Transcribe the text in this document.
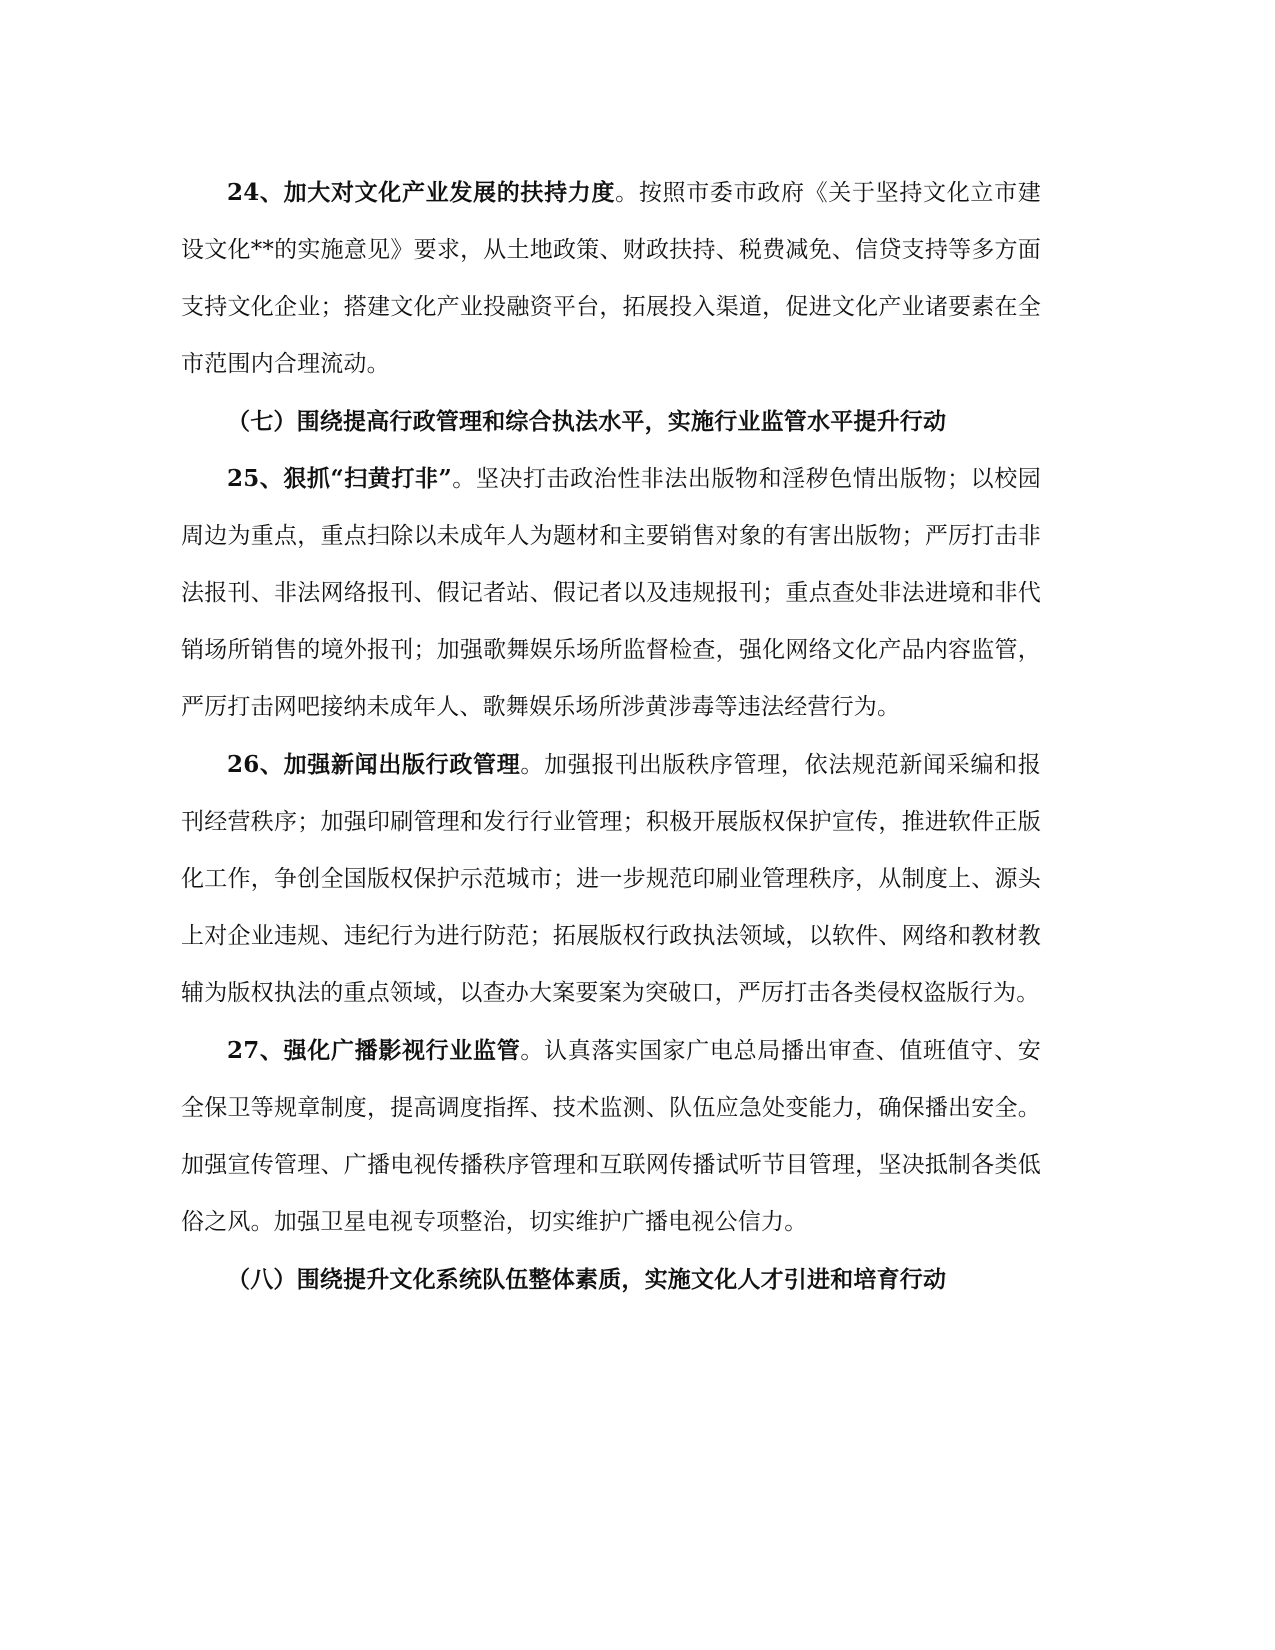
24、加大对文化产业发展的扶持力度。按照市委市政府《关于坚持文化立市建设文化**的实施意见》要求，从土地政策、财政扶持、税费减免、信贷支持等多方面支持文化企业；搭建文化产业投融资平台，拓展投入渠道，促进文化产业诸要素在全市范围内合理流动。

（七）围绕提高行政管理和综合执法水平，实施行业监管水平提升行动

25、狠抓“扫黄打非”。坚决打击政治性非法出版物和淫秽色情出版物；以校园周边为重点，重点扫除以未成年人为题材和主要销售对象的有害出版物；严厉打击非法报刊、非法网络报刊、假记者站、假记者以及违规报刊；重点查处非法进境和非代销场所销售的境外报刊；加强歌舞娱乐场所监督检查，强化网络文化产品内容监管，严厉打击网吧接纳未成年人、歌舞娱乐场所涉黄涉毒等违法经营行为。

26、加强新闻出版行政管理。加强报刊出版秩序管理，依法规范新闻采编和报刊经营秩序；加强印刷管理和发行行业管理；积极开展版权保护宣传，推进软件正版化工作，争创全国版权保护示范城市；进一步规范印刷业管理秩序，从制度上、源头上对企业违规、违纪行为进行防范；拓展版权行政执法领域，以软件、网络和教材教辅为版权执法的重点领域，以查办大案要案为突破口，严厉打击各类侵权盗版行为。

27、强化广播影视行业监管。认真落实国家广电总局播出审查、值班值守、安全保卫等规章制度，提高调度指挥、技术监测、队伍应急处变能力，确保播出安全。加强宣传管理、广播电视传播秩序管理和互联网传播试听节目管理，坚决抵制各类低俗之风。加强卫星电视专项整治，切实维护广播电视公信力。

（八）围绕提升文化系统队伍整体素质，实施文化人才引进和培育行动
